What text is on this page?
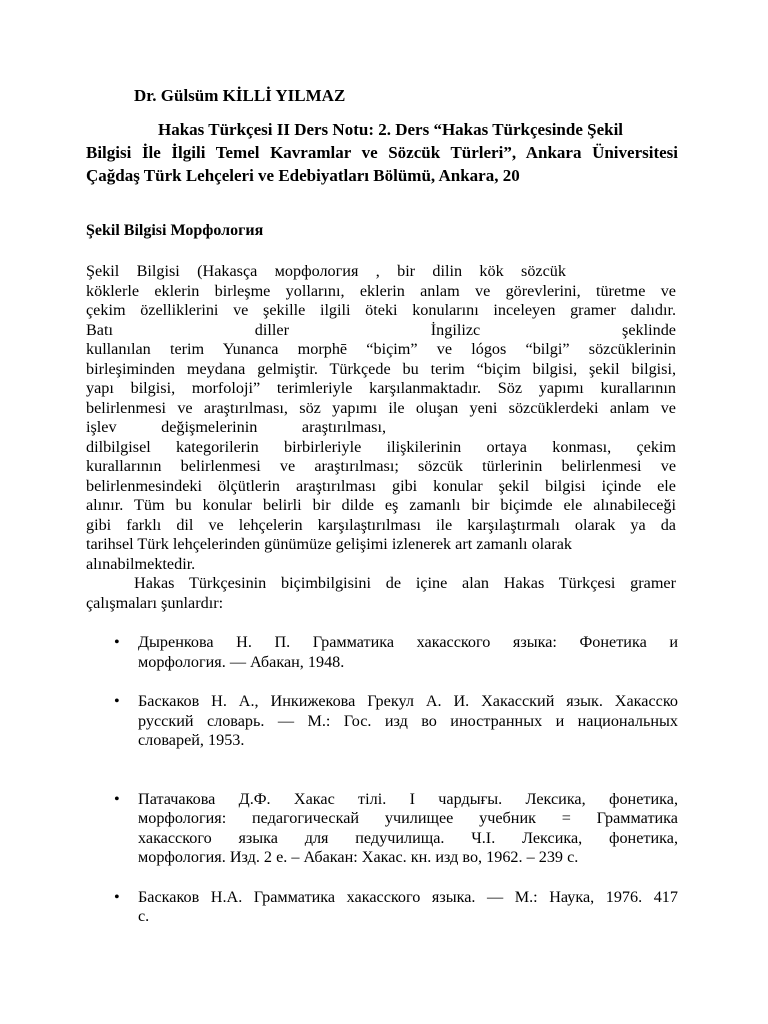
Dr. Gülsüm KİLLİ YILMAZ
Hakas Türkçesi II Ders Notu: 2. Ders “Hakas Türkçesinde Şekil
Bilgisi İle İlgili Temel Kavramlar ve Sözcük Türleri”, Ankara Üniversitesi
Çağdaş Türk Lehçeleri ve Edebiyatları Bölümü, Ankara, 20
Şekil Bilgisi Морфология
Şekil Bilgisi (Hakasça морфология , bir dilin kök sözcük
köklerle eklerin birleşme yollarını, eklerin anlam ve görevlerini, türetme ve
çekim özelliklerini ve şekille ilgili öteki konularını inceleyen gramer dalıdır.
Batı diller İngilizc şeklinde
kullanılan terim Yunanca morphē “biçim” ve lógos “bilgi” sözcüklerinin
birleşiminden meydana gelmiştir. Türkçede bu terim “biçim bilgisi, şekil bilgisi,
yapı bilgisi, morfoloji” terimleriyle karşılanmaktadır. Söz yapımı kurallarının
belirlenmesi ve araştırılması, söz yapımı ile oluşan yeni sözcüklerdeki anlam ve
işlev değişmelerinin araştırılması,
dilbilgisel kategorilerin birbirleriyle ilişkilerinin ortaya konması, çekim
kurallarının belirlenmesi ve araştırılması; sözcük türlerinin belirlenmesi ve
belirlenmesindeki ölçütlerin araştırılması gibi konular şekil bilgisi içinde ele
alınır. Tüm bu konular belirli bir dilde eş zamanlı bir biçimde ele alınabileceği
gibi farklı dil ve lehçelerin karşılaştırılması ile karşılaştırmalı olarak ya da
tarihsel Türk lehçelerinden günümüze gelişimi izlenerek art zamanlı olarak
alınabilmektedir.
Hakas Türkçesinin biçimbilgisini de içine alan Hakas Türkçesi gramer
çalışmaları şunlardır:
• Дыренкова Н. П. Грамматика хакасского языка: Фонетика и
морфология. — Абакан, 1948.
• Баскаков Н. А., Инкижекова Грекул А. И. Хакасский язык. Хакасско
русский словарь. — М.: Гос. изд во иностранных и национальных
словарей, 1953.
• Патачакова Д.Ф. Хакас тілі. І чардығы. Лексика, фонетика,
морфология: педагогическай училищее учебник = Грамматика
хакасского языка для педучилища. Ч.І. Лексика, фонетика,
морфология. Изд. 2 е. – Абакан: Хакас. кн. изд во, 1962. – 239 с.
• Баскаков Н.А. Грамматика хакасского языка. — М.: Наука, 1976. 417
с.
